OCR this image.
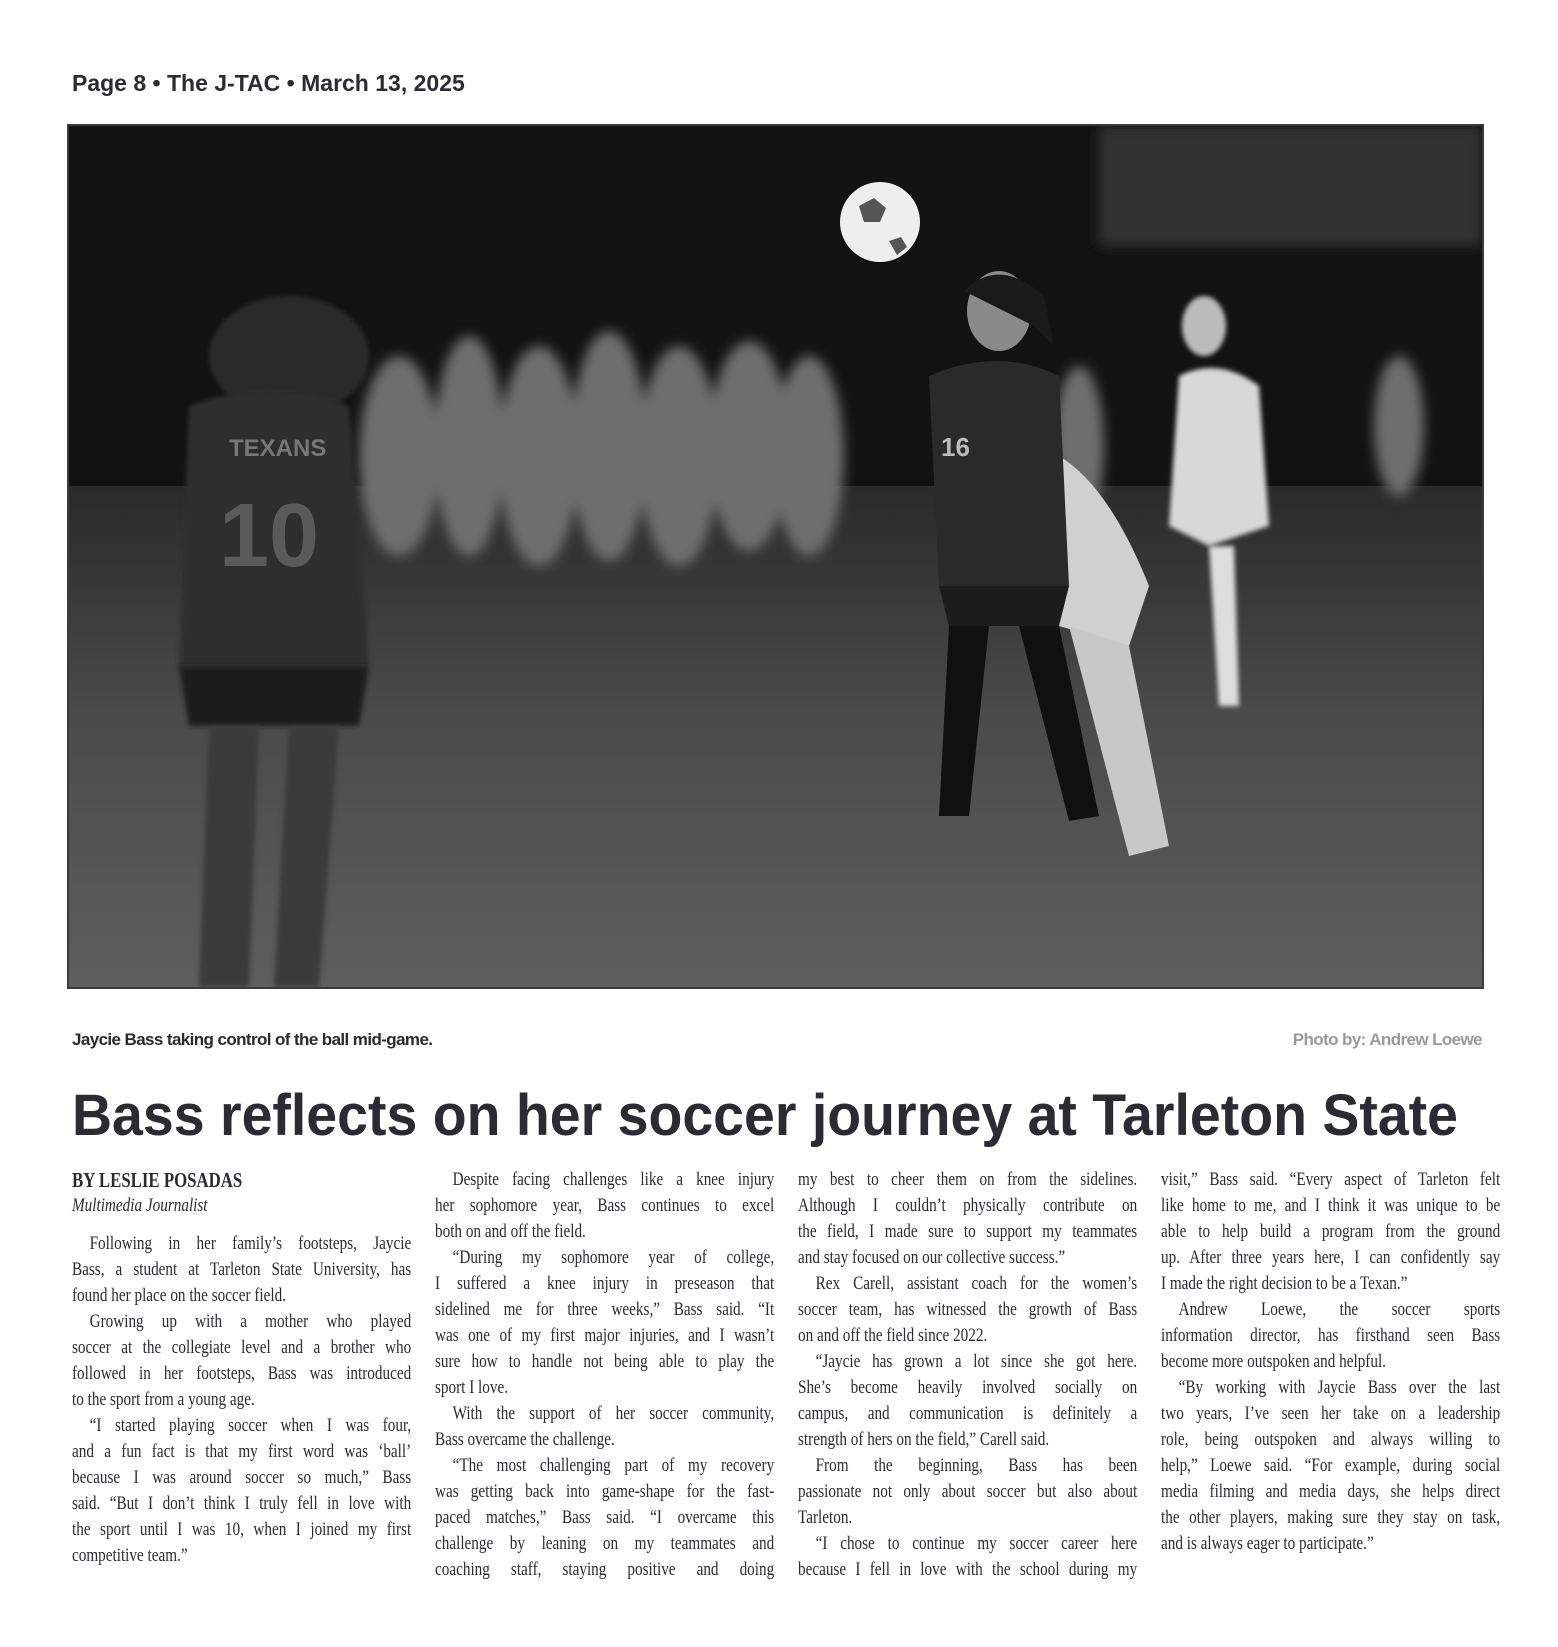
Page 8 • The J-TAC • March 13, 2025
TEXANS
10
16
Jaycie Bass taking control of the ball mid-game.	Photo by: Andrew Loewe
Bass reflects on her soccer journey at Tarleton State
BY LESLIE POSADAS
Multimedia Journalist
Following in her family’s footsteps, Jaycie
Bass, a student at Tarleton State University, has
found her place on the soccer field.
Growing up with a mother who played
soccer at the collegiate level and a brother who
followed in her footsteps, Bass was introduced
to the sport from a young age.
“I started playing soccer when I was four,
and a fun fact is that my first word was ‘ball’
because I was around soccer so much,” Bass
said. “But I don’t think I truly fell in love with
the sport until I was 10, when I joined my first
competitive team.”
Despite facing challenges like a knee injury
her sophomore year, Bass continues to excel
both on and off the field.
“During my sophomore year of college,
I suffered a knee injury in preseason that
sidelined me for three weeks,” Bass said. “It
was one of my first major injuries, and I wasn’t
sure how to handle not being able to play the
sport I love.
With the support of her soccer community,
Bass overcame the challenge.
“The most challenging part of my recovery
was getting back into game-shape for the fast-
paced matches,” Bass said. “I overcame this
challenge by leaning on my teammates and
coaching staff, staying positive and doing
my best to cheer them on from the sidelines.
Although I couldn’t physically contribute on
the field, I made sure to support my teammates
and stay focused on our collective success.”
Rex Carell, assistant coach for the women’s
soccer team, has witnessed the growth of Bass
on and off the field since 2022.
“Jaycie has grown a lot since she got here.
She’s become heavily involved socially on
campus, and communication is definitely a
strength of hers on the field,” Carell said.
From the beginning, Bass has been
passionate not only about soccer but also about
Tarleton.
“I chose to continue my soccer career here
because I fell in love with the school during my
visit,” Bass said. “Every aspect of Tarleton felt
like home to me, and I think it was unique to be
able to help build a program from the ground
up. After three years here, I can confidently say
I made the right decision to be a Texan.”
Andrew Loewe, the soccer sports
information director, has firsthand seen Bass
become more outspoken and helpful.
“By working with Jaycie Bass over the last
two years, I’ve seen her take on a leadership
role, being outspoken and always willing to
help,” Loewe said. “For example, during social
media filming and media days, she helps direct
the other players, making sure they stay on task,
and is always eager to participate.”
